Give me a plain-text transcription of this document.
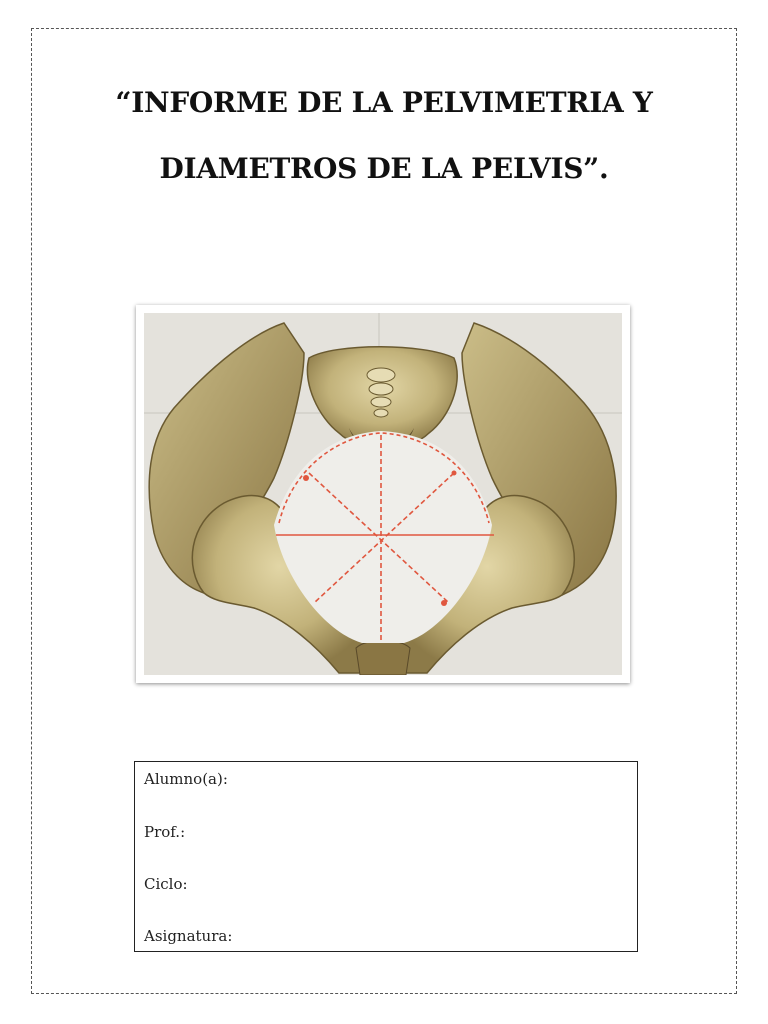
“INFORME DE LA PELVIMETRIA Y
DIAMETROS DE LA PELVIS”.
Alumno(a):
Prof.:
Ciclo:
Asignatura:
